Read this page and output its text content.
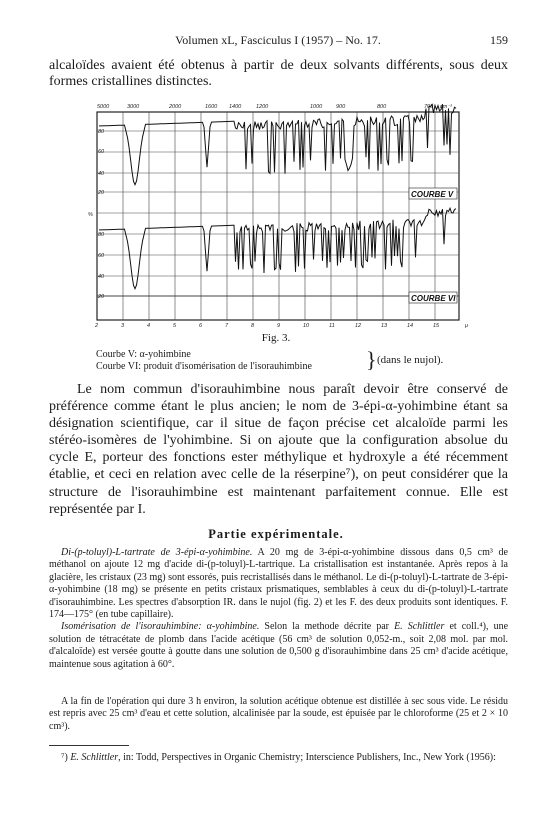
Volumen xL, Fasciculus I (1957) – No. 17.	159
alcaloïdes avaient été obtenus à partir de deux solvants différents, sous deux formes cristallines distinctes.
5000	3000	2000	1600 1400	1200	1000	900	800	700 cm⁻¹
80
60
40
20
%
80
60
40
20
2	3	4	5	6	7	8	9	10	11	12	13	14	15	μ
COURBE V
COURBE VI
Fig. 3.
Courbe V: α-yohimbine
Courbe VI: produit d'isomérisation de l'isorauhimbine	} (dans le nujol).
Le nom commun d'isorauhimbine nous paraît devoir être conservé de préférence comme étant le plus ancien; le nom de 3-épi-α-yohimbine étant sa désignation scientifique, car il situe de façon précise cet alcaloïde parmi les stéréo-isomères de l'yohimbine. Si on ajoute que la configuration absolue du cycle E, porteur des fonctions ester méthylique et hydroxyle a été récemment établie, et ceci en relation avec celle de la réserpine⁷), on peut considérer que la structure de l'isorauhimbine est maintenant parfaitement connue. Elle est représentée par I.
Partie expérimentale.

Di-(p-toluyl)-L-tartrate de 3-épi-α-yohimbine. A 20 mg de 3-épi-α-yohimbine dissous dans 0,5 cm³ de méthanol on ajoute 12 mg d'acide di-(p-toluyl)-L-tartrique. La cristallisation est instantanée. Après repos à la glacière, les cristaux (23 mg) sont essorés, puis recristallisés dans le méthanol. Le di-(p-toluyl)-L-tartrate de 3-épi-α-yohimbine (18 mg) se présente en petits cristaux prismatiques, semblables à ceux du di-(p-toluyl)-L-tartrate d'isorauhimbine. Les spectres d'absorption IR. dans le nujol (fig. 2) et les F. des deux produits sont identiques. F. 174—175° (en tube capillaire).

Isomérisation de l'isorauhimbine: α-yohimbine. Selon la methode décrite par E. Schlittler et coll.⁴), une solution de tétracétate de plomb dans l'acide acétique (56 cm³ de solution 0,052-m., soit 2,08 mol. par mol. d'alcaloïde) est versée goutte à goutte dans une solution de 0,500 g d'isorauhimbine dans 25 cm³ d'acide acétique, maintenue sous agitation à 60°.

A la fin de l'opération qui dure 3 h environ, la solution acétique obtenue est distillée à sec sous vide. Le résidu est repris avec 25 cm³ d'eau et cette solution, alcalinisée par la soude, est épuisée par le chloroforme (25 et 2 × 10 cm³).
⁷) E. Schlittler, in: Todd, Perspectives in Organic Chemistry; Interscience Publishers, Inc., New York (1956):
